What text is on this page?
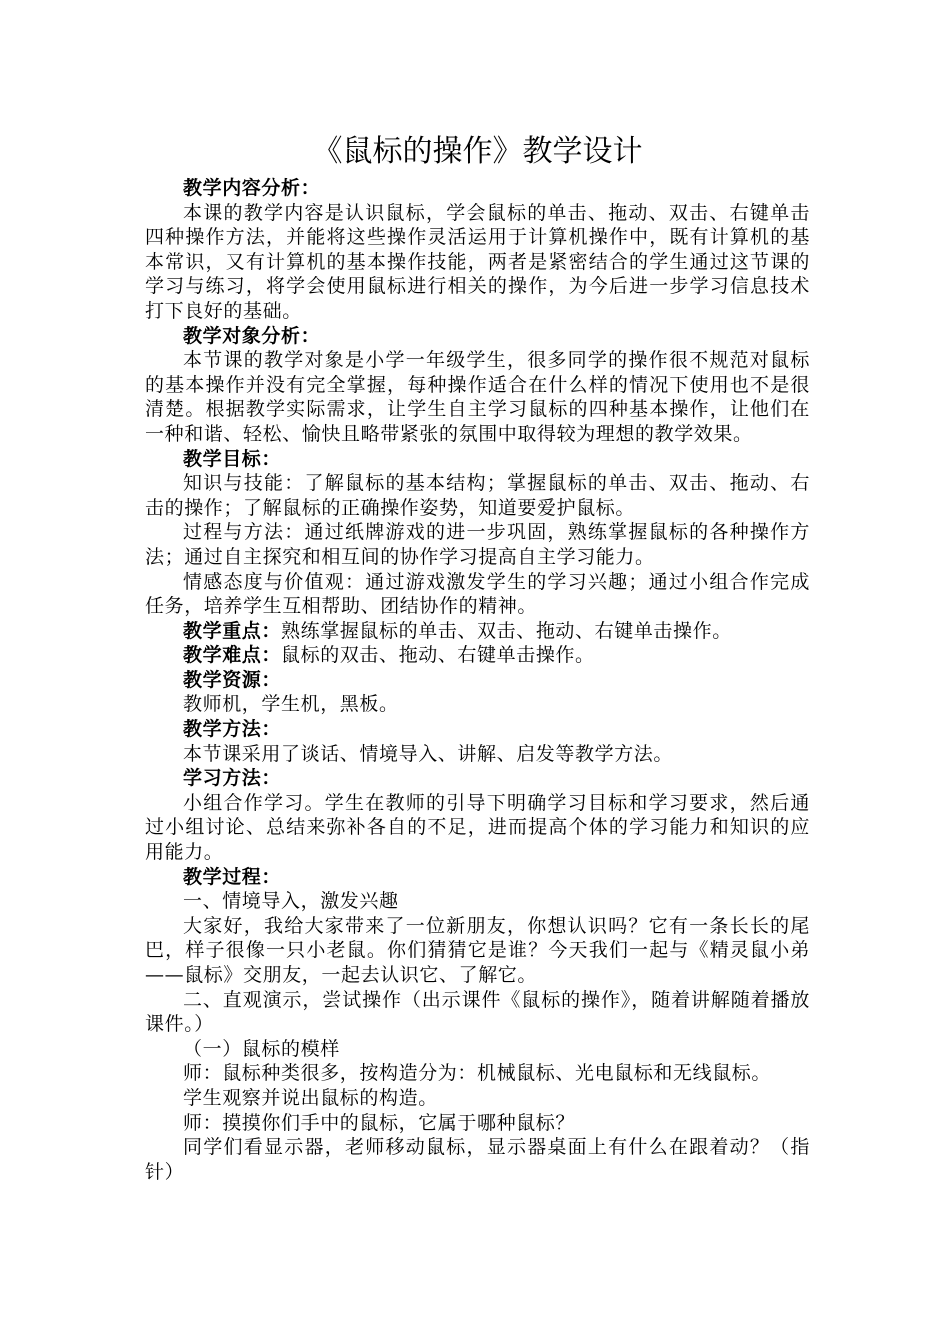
《鼠标的操作》教学设计

教学内容分析：

本课的教学内容是认识鼠标，学会鼠标的单击、拖动、双击、右键单击四种操作方法，并能将这些操作灵活运用于计算机操作中，既有计算机的基本常识，又有计算机的基本操作技能，两者是紧密结合的学生通过这节课的学习与练习，将学会使用鼠标进行相关的操作，为今后进一步学习信息技术打下良好的基础。

教学对象分析：

本节课的教学对象是小学一年级学生，很多同学的操作很不规范对鼠标的基本操作并没有完全掌握，每种操作适合在什么样的情况下使用也不是很清楚。根据教学实际需求，让学生自主学习鼠标的四种基本操作，让他们在一种和谐、轻松、愉快且略带紧张的氛围中取得较为理想的教学效果。

教学目标：

知识与技能：了解鼠标的基本结构；掌握鼠标的单击、双击、拖动、右击的操作；了解鼠标的正确操作姿势，知道要爱护鼠标。

过程与方法：通过纸牌游戏的进一步巩固，熟练掌握鼠标的各种操作方法；通过自主探究和相互间的协作学习提高自主学习能力。

情感态度与价值观：通过游戏激发学生的学习兴趣；通过小组合作完成任务，培养学生互相帮助、团结协作的精神。

教学重点：熟练掌握鼠标的单击、双击、拖动、右键单击操作。

教学难点：鼠标的双击、拖动、右键单击操作。

教学资源：

教师机，学生机，黑板。

教学方法：

本节课采用了谈话、情境导入、讲解、启发等教学方法。

学习方法：

小组合作学习。学生在教师的引导下明确学习目标和学习要求，然后通过小组讨论、总结来弥补各自的不足，进而提高个体的学习能力和知识的应用能力。

教学过程：

一、情境导入，激发兴趣

大家好，我给大家带来了一位新朋友，你想认识吗？它有一条长长的尾巴，样子很像一只小老鼠。你们猜猜它是谁？今天我们一起与《精灵鼠小弟——鼠标》交朋友，一起去认识它、了解它。

二、直观演示，尝试操作（出示课件《鼠标的操作》，随着讲解随着播放课件。）

（一）鼠标的模样

师：鼠标种类很多，按构造分为：机械鼠标、光电鼠标和无线鼠标。

学生观察并说出鼠标的构造。

师：摸摸你们手中的鼠标，它属于哪种鼠标？

同学们看显示器，老师移动鼠标，显示器桌面上有什么在跟着动？（指针）
